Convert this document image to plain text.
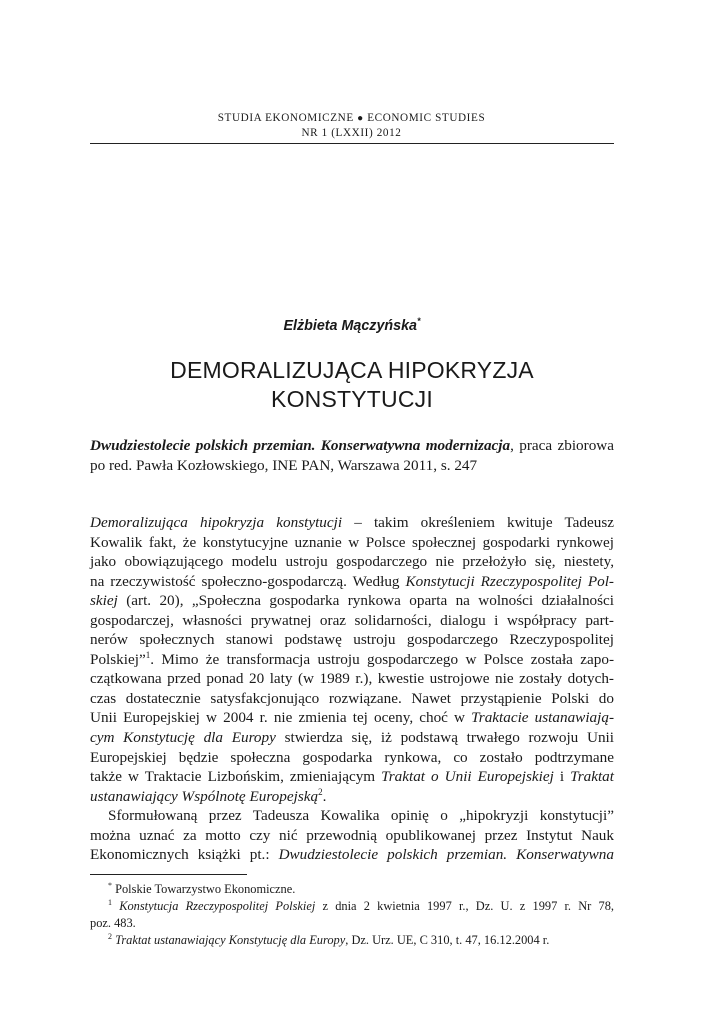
STUDIA EKONOMICZNE ● ECONOMIC STUDIES
NR 1 (LXXII) 2012
Elżbieta Mączyńska*
DEMORALIZUJĄCA HIPOKRYZJA
KONSTYTUCJI
Dwudziestolecie polskich przemian. Konserwatywna modernizacja, praca zbiorowa po red. Pawła Kozłowskiego, INE PAN, Warszawa 2011, s. 247
Demoralizująca hipokryzja konstytucji – takim określeniem kwituje Tadeusz
Kowalik fakt, że konstytucyjne uznanie w Polsce społecznej gospodarki rynkowej
jako obowiązującego modelu ustroju gospodarczego nie przełożyło się, niestety,
na rzeczywistość społeczno-gospodarczą. Według Konstytucji Rzeczypospolitej Pol-
skiej (art. 20), „Społeczna gospodarka rynkowa oparta na wolności działalności
gospodarczej, własności prywatnej oraz solidarności, dialogu i współpracy part-
nerów społecznych stanowi podstawę ustroju gospodarczego Rzeczypospolitej
Polskiej”$^1$. Mimo że transformacja ustroju gospodarczego w Polsce została zapo-
czątkowana przed ponad 20 laty (w 1989 r.), kwestie ustrojowe nie zostały dotych-
czas dostatecznie satysfakcjonująco rozwiązane. Nawet przystąpienie Polski do
Unii Europejskiej w 2004 r. nie zmienia tej oceny, choć w Traktacie ustanawiają-
cym Konstytucję dla Europy stwierdza się, iż podstawą trwałego rozwoju Unii
Europejskiej będzie społeczna gospodarka rynkowa, co zostało podtrzymane
także w Traktacie Lizbońskim, zmieniającym Traktat o Unii Europejskiej i Traktat
ustanawiający Wspólnotę Europejską$^2$.
Sformułowaną przez Tadeusza Kowalika opinię o „hipokryzji konstytucji”
można uznać za motto czy nić przewodnią opublikowanej przez Instytut Nauk
Ekonomicznych książki pt.: Dwudziestolecie polskich przemian. Konserwatywna
* Polskie Towarzystwo Ekonomiczne.
$^1$ Konstytucja Rzeczypospolitej Polskiej z dnia 2 kwietnia 1997 r., Dz. U. z 1997 r. Nr 78,
poz. 483.
$^2$ Traktat ustanawiający Konstytucję dla Europy, Dz. Urz. UE, C 310, t. 47, 16.12.2004 r.
